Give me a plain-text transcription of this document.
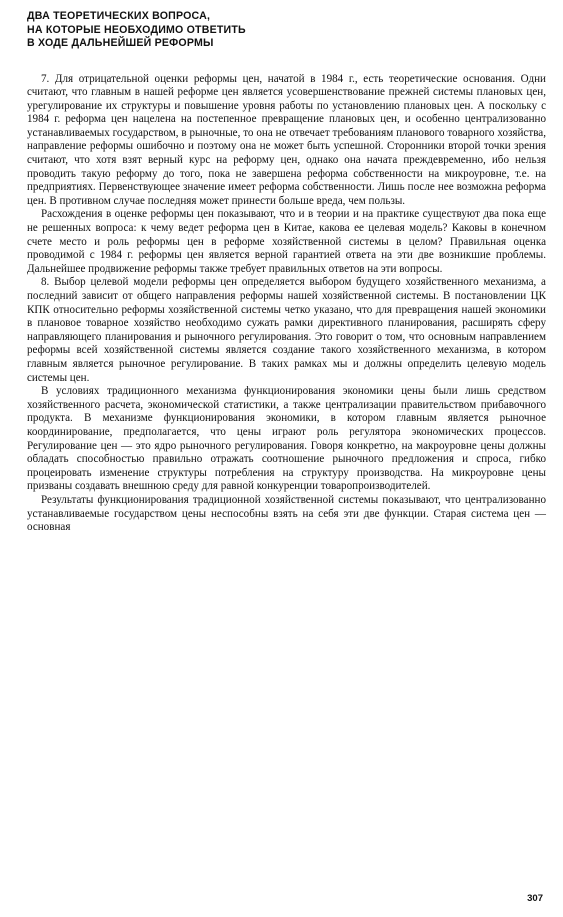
ДВА ТЕОРЕТИЧЕСКИХ ВОПРОСА,
НА КОТОРЫЕ НЕОБХОДИМО ОТВЕТИТЬ
В ХОДЕ ДАЛЬНЕЙШЕЙ РЕФОРМЫ

7. Для отрицательной оценки реформы цен, начатой в 1984 г., есть теоретические основания. Одни считают, что главным в нашей реформе цен является усовершенствование прежней системы плановых цен, урегулирование их структуры и повышение уровня работы по установлению плановых цен. А поскольку с 1984 г. реформа цен нацелена на постепенное превращение плановых цен, и особенно централизованно устанавливаемых государством, в рыночные, то она не отвечает требованиям планового товарного хозяйства, направление реформы ошибочно и поэтому она не может быть успешной. Сторонники второй точки зрения считают, что хотя взят верный курс на реформу цен, однако она начата преждевременно, ибо нельзя проводить такую реформу до того, пока не завершена реформа собственности на микроуровне, т.е. на предприятиях. Первенствующее значение имеет реформа собственности. Лишь после нее возможна реформа цен. В противном случае последняя может принести больше вреда, чем пользы.

Расхождения в оценке реформы цен показывают, что и в теории и на практике существуют два пока еще не решенных вопроса: к чему ведет реформа цен в Китае, какова ее целевая модель? Каковы в конечном счете место и роль реформы цен в реформе хозяйственной системы в целом? Правильная оценка проводимой с 1984 г. реформы цен является верной гарантией ответа на эти две возникшие проблемы. Дальнейшее продвижение реформы также требует правильных ответов на эти вопросы.

8. Выбор целевой модели реформы цен определяется выбором будущего хозяйственного механизма, а последний зависит от общего направления реформы нашей хозяйственной системы. В постановлении ЦК КПК относительно реформы хозяйственной системы четко указано, что для превращения нашей экономики в плановое товарное хозяйство необходимо сужать рамки директивного планирования, расширять сферу направляющего планирования и рыночного регулирования. Это говорит о том, что основным направлением реформы всей хозяйственной системы является создание такого хозяйственного механизма, в котором главным является рыночное регулирование. В таких рамках мы и должны определить целевую модель системы цен.

В условиях традиционного механизма функционирования экономики цены были лишь средством хозяйственного расчета, экономической статистики, а также централизации правительством прибавочного продукта. В механизме функционирования экономики, в котором главным является рыночное координирование, предполагается, что цены играют роль регулятора экономических процессов. Регулирование цен — это ядро рыночного регулирования. Говоря конкретно, на макроуровне цены должны обладать способностью правильно отражать соотношение рыночного предложения и спроса, гибко процеировать изменение структуры потребления на структуру производства. На микроуровне цены призваны создавать внешнюю среду для равной конкуренции товаропроизводителей.

Результаты функционирования традиционной хозяйственной системы показывают, что централизованно устанавливаемые государством цены неспособны взять на себя эти две функции. Старая система цен — основная

307
